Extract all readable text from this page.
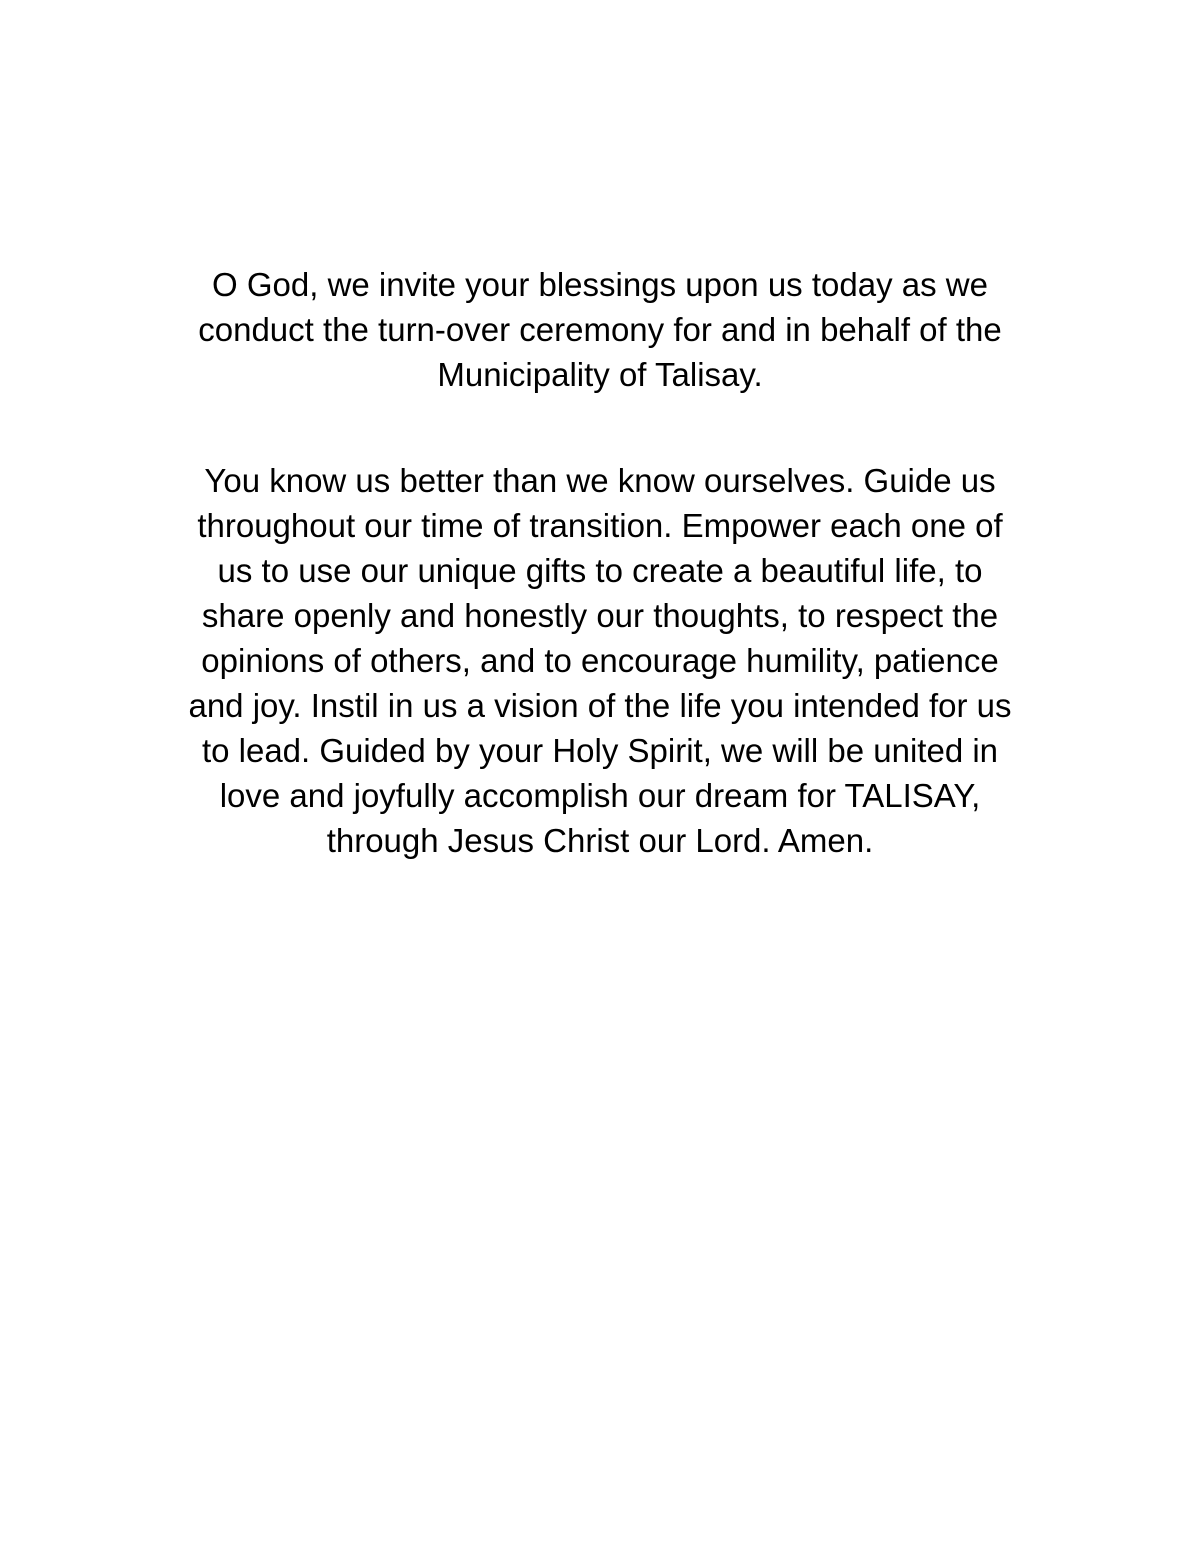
O God, we invite your blessings upon us today as we
conduct the turn-over ceremony for and in behalf of the
Municipality of Talisay.
You know us better than we know ourselves. Guide us
throughout our time of transition. Empower each one of
us to use our unique gifts to create a beautiful life, to
share openly and honestly our thoughts, to respect the
opinions of others, and to encourage humility, patience
and joy. Instil in us a vision of the life you intended for us
to lead. Guided by your Holy Spirit, we will be united in
love and joyfully accomplish our dream for TALISAY,
through Jesus Christ our Lord. Amen.
